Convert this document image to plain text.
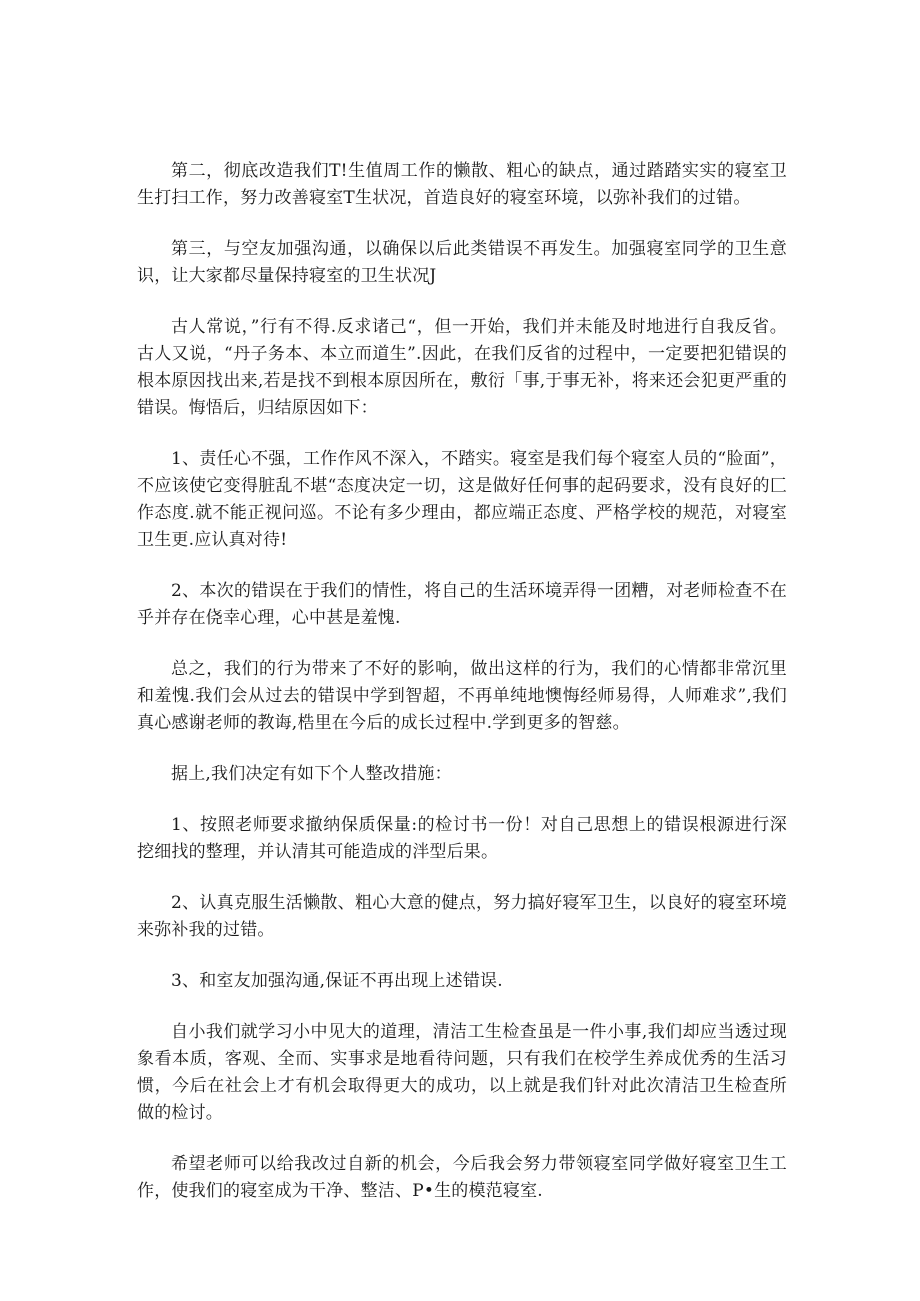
第二，彻底改造我们T!生值周工作的懒散、粗心的缺点，通过踏踏实实的寝室卫生打扫工作，努力改善寝室T生状况，首造良好的寝室环境，以弥补我们的过错。

第三，与空友加强沟通，以确保以后此类错误不再发生。加强寝室同学的卫生意识，让大家都尽量保持寝室的卫生状况J

古人常说，”行有不得.反求诸己“，但一开始，我们并未能及时地进行自我反省。古人又说，“丹子务本、本立而道生”.因此，在我们反省的过程中，一定要把犯错误的根本原因找出来,若是找不到根本原因所在，敷衍「事,于事无补，将来还会犯更严重的错误。悔悟后，归结原因如下：

1、责任心不强，工作作风不深入，不踏实。寝室是我们每个寝室人员的“脸面”，不应该使它变得脏乱不堪“态度决定一切，这是做好任何事的起码要求，没有良好的匚作态度.就不能正视问巡。不论有多少理由，都应端正态度、严格学校的规范，对寝室卫生更.应认真对待!

2、本次的错误在于我们的情性，将自己的生活环境弄得一团糟，对老师检查不在乎并存在侥幸心理，心中甚是羞愧.

总之，我们的行为带来了不好的影响，做出这样的行为，我们的心情都非常沉里和羞愧.我们会从过去的错误中学到智超，不再单纯地懊悔经师易得，人师难求”,我们真心感谢老师的教诲,梏里在今后的成长过程中.学到更多的智慈。

据上,我们决定有如下个人整改措施：

1、按照老师要求撤纳保质保量:的检讨书一份！对自己思想上的错误根源进行深挖细找的整理，并认清其可能造成的泮型后果。

2、认真克服生活懒散、粗心大意的健点，努力搞好寝军卫生，以良好的寝室环境来弥补我的过错。

3、和室友加强沟通,保证不再出现上述错误.

自小我们就学习小中见大的道理，清洁工生检查虽是一件小事,我们却应当透过现象看本质，客观、全而、实事求是地看待问题，只有我们在校学生养成优秀的生活习惯，今后在社会上才有机会取得更大的成功，以上就是我们针对此次清洁卫生检查所做的检讨。

希望老师可以给我改过自新的机会，今后我会努力带领寝室同学做好寝室卫生工作，使我们的寝室成为干净、整洁、P•生的模范寝室.
